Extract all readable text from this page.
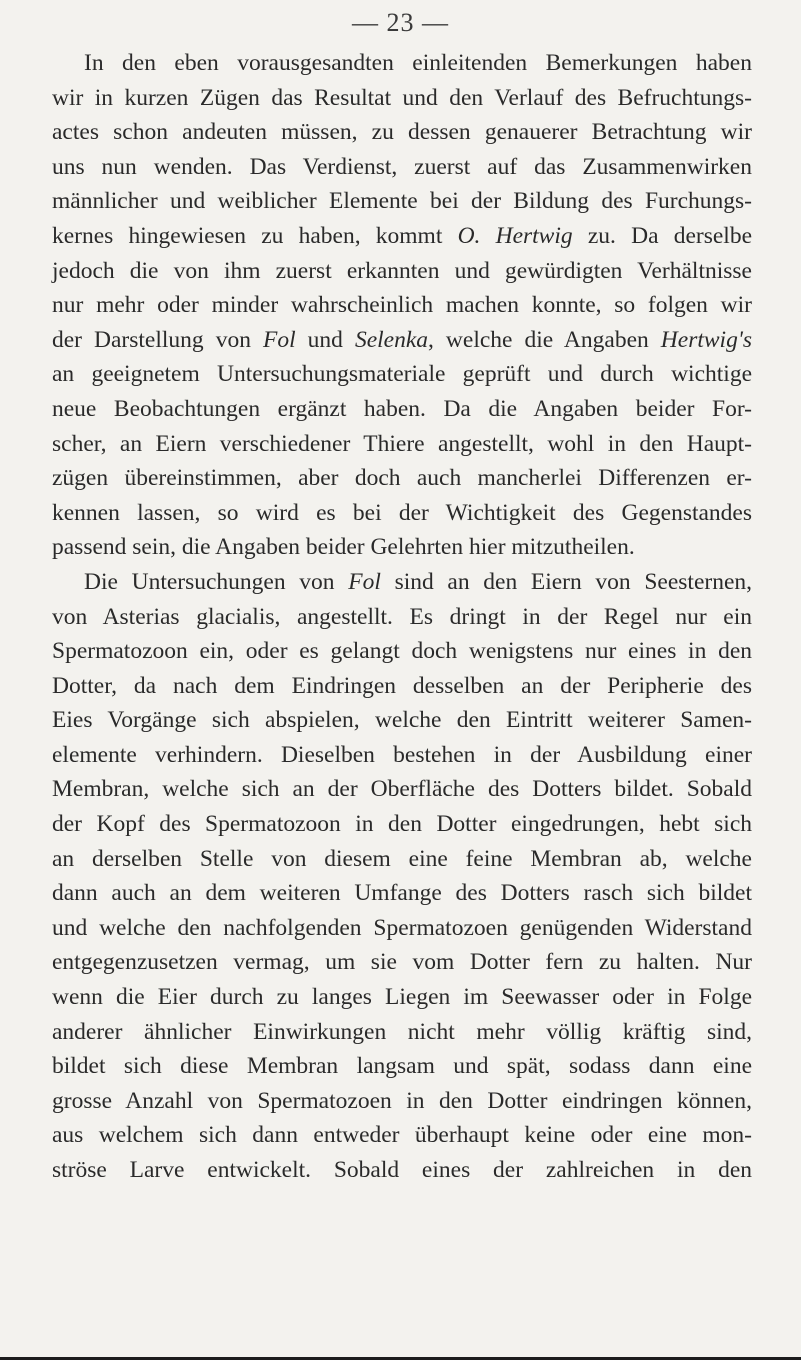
— 23 —
In den eben vorausgesandten einleitenden Bemerkungen haben
wir in kurzen Zügen das Resultat und den Verlauf des Befruchtungs-
actes schon andeuten müssen, zu dessen genauerer Betrachtung wir
uns nun wenden. Das Verdienst, zuerst auf das Zusammenwirken
männlicher und weiblicher Elemente bei der Bildung des Furchungs-
kernes hingewiesen zu haben, kommt O. Hertwig zu. Da derselbe
jedoch die von ihm zuerst erkannten und gewürdigten Verhältnisse
nur mehr oder minder wahrscheinlich machen konnte, so folgen wir
der Darstellung von Fol und Selenka, welche die Angaben Hertwig's
an geeignetem Untersuchungsmateriale geprüft und durch wichtige
neue Beobachtungen ergänzt haben. Da die Angaben beider For-
scher, an Eiern verschiedener Thiere angestellt, wohl in den Haupt-
zügen übereinstimmen, aber doch auch mancherlei Differenzen er-
kennen lassen, so wird es bei der Wichtigkeit des Gegenstandes
passend sein, die Angaben beider Gelehrten hier mitzutheilen.
Die Untersuchungen von Fol sind an den Eiern von Seesternen,
von Asterias glacialis, angestellt. Es dringt in der Regel nur ein
Spermatozoon ein, oder es gelangt doch wenigstens nur eines in den
Dotter, da nach dem Eindringen desselben an der Peripherie des
Eies Vorgänge sich abspielen, welche den Eintritt weiterer Samen-
elemente verhindern. Dieselben bestehen in der Ausbildung einer
Membran, welche sich an der Oberfläche des Dotters bildet. Sobald
der Kopf des Spermatozoon in den Dotter eingedrungen, hebt sich
an derselben Stelle von diesem eine feine Membran ab, welche
dann auch an dem weiteren Umfange des Dotters rasch sich bildet
und welche den nachfolgenden Spermatozoen genügenden Widerstand
entgegenzusetzen vermag, um sie vom Dotter fern zu halten. Nur
wenn die Eier durch zu langes Liegen im Seewasser oder in Folge
anderer ähnlicher Einwirkungen nicht mehr völlig kräftig sind,
bildet sich diese Membran langsam und spät, sodass dann eine
grosse Anzahl von Spermatozoen in den Dotter eindringen können,
aus welchem sich dann entweder überhaupt keine oder eine mon-
ströse Larve entwickelt. Sobald eines der zahlreichen in den
